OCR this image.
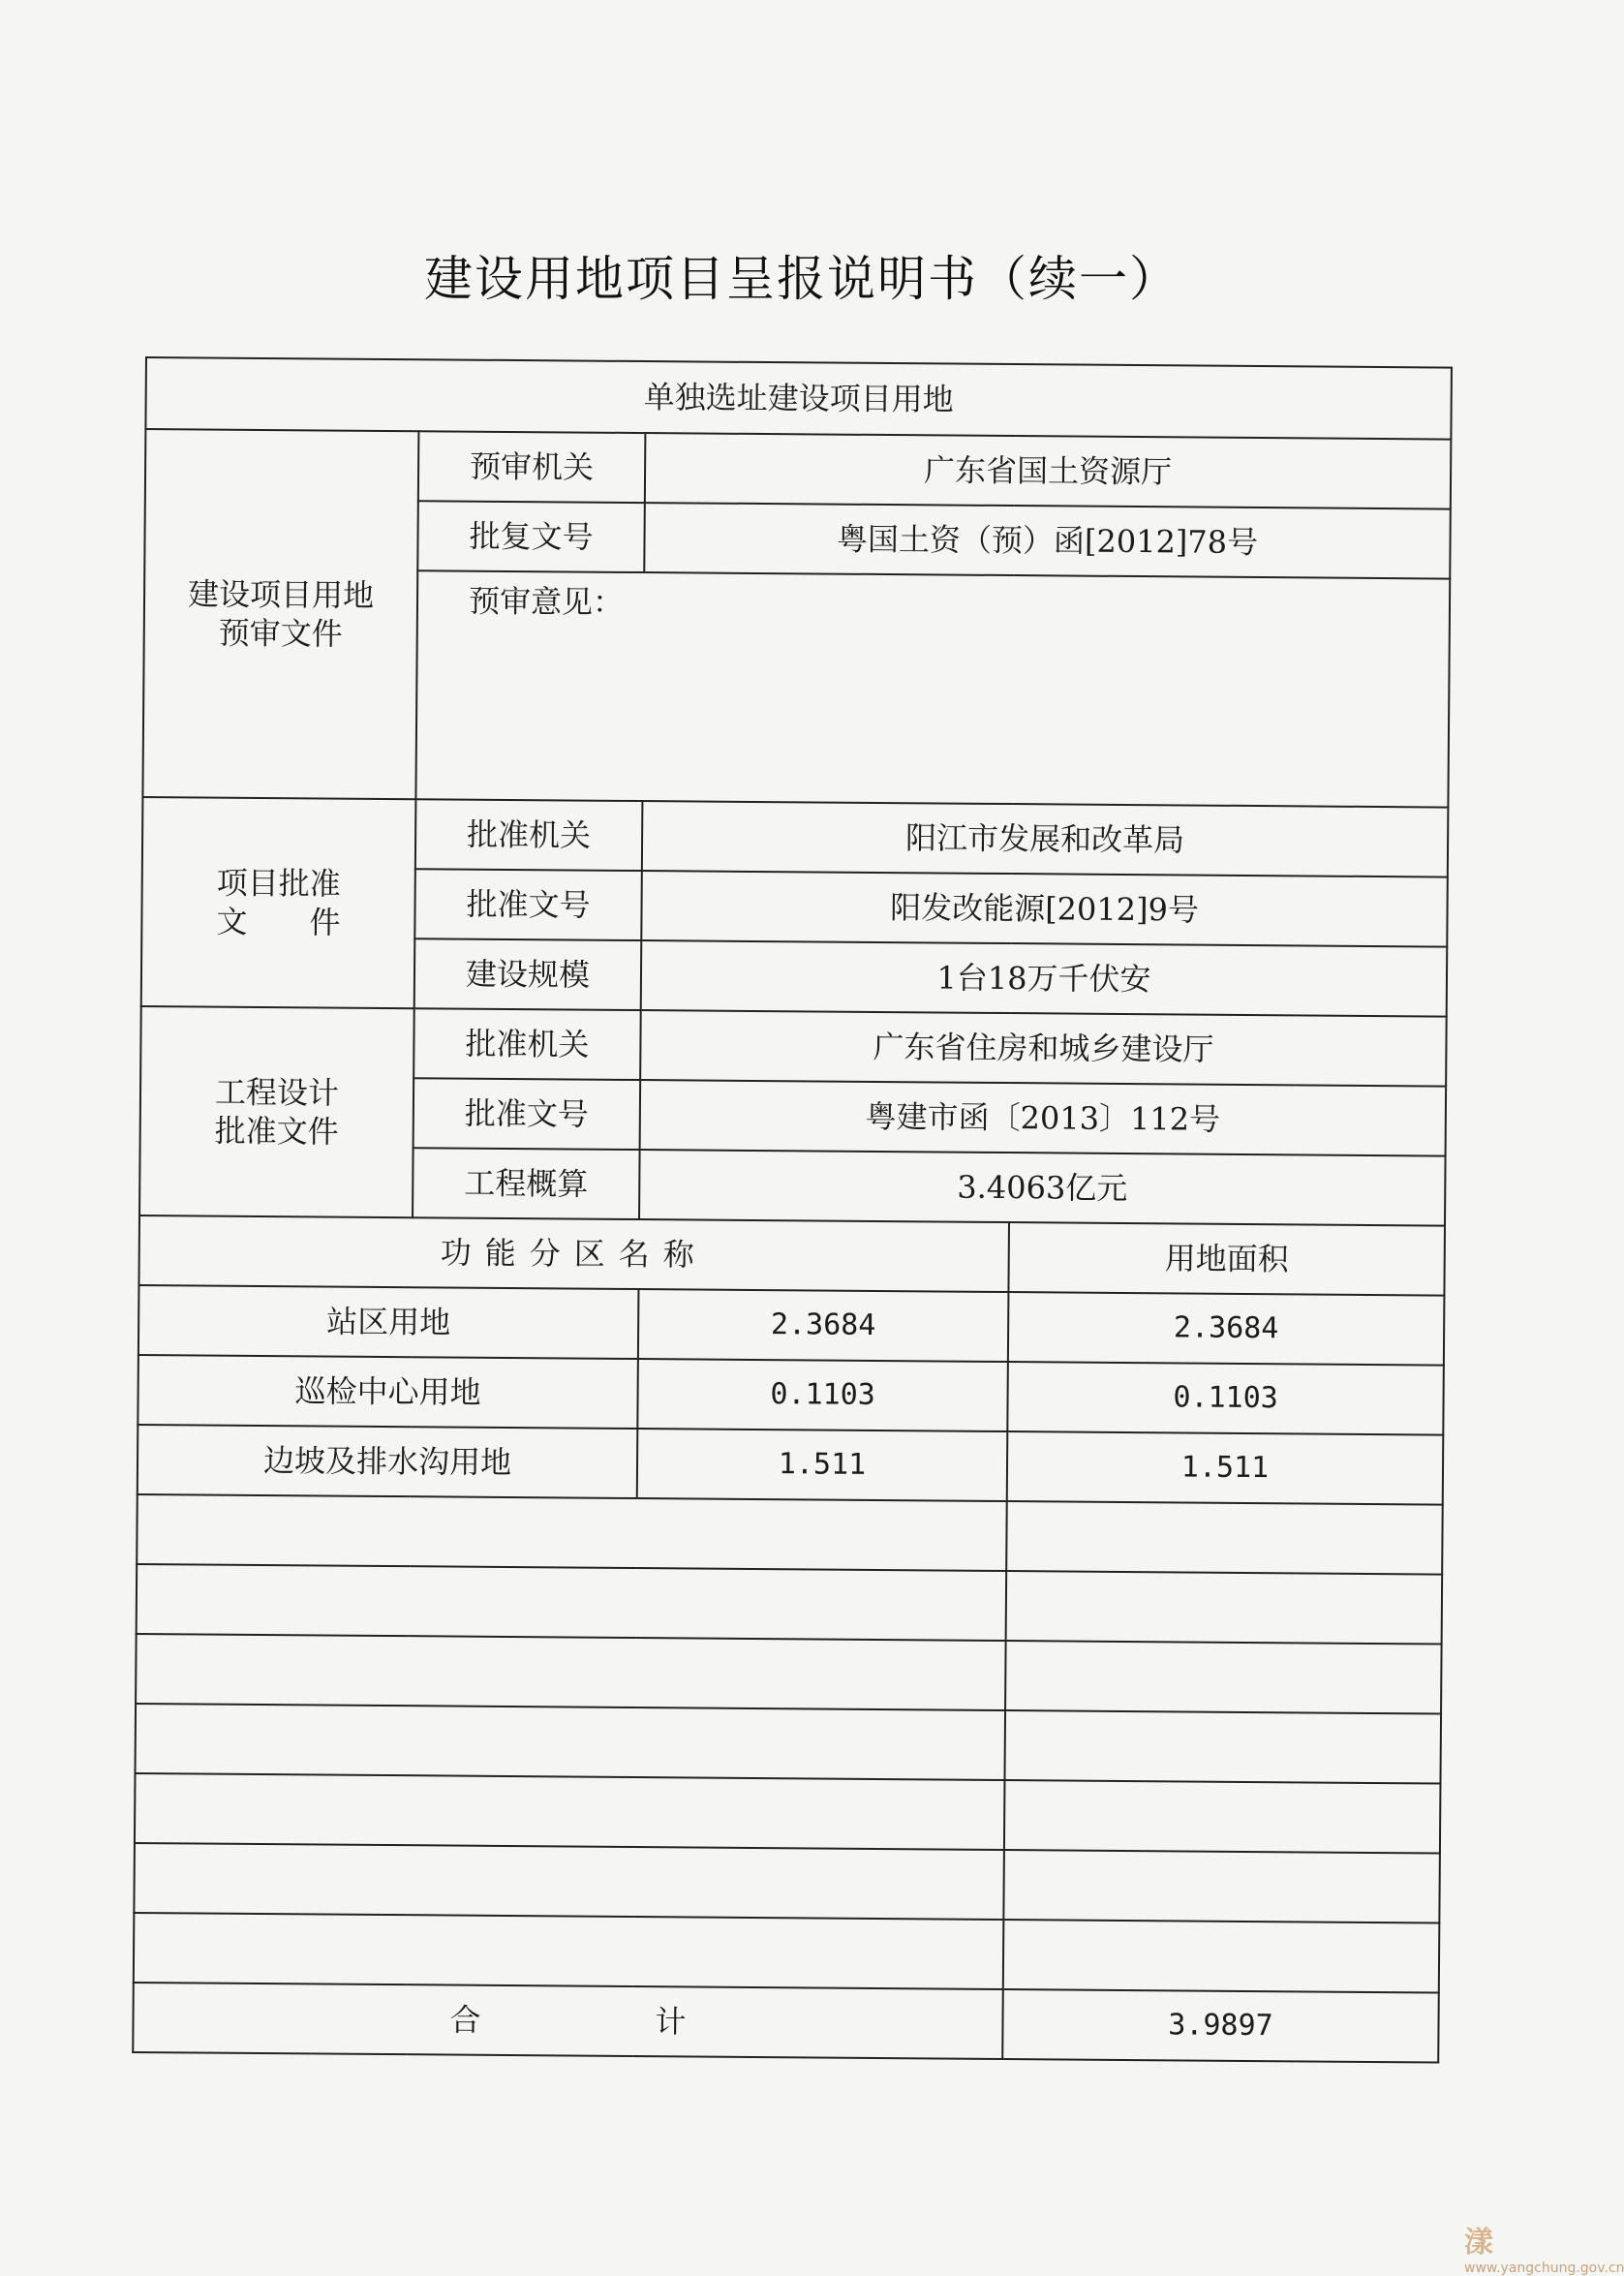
建设用地项目呈报说明书（续一）
单独选址建设项目用地			

建设项目用地预审文件	预审机关	广东省国土资源厅	
	批复文号	粤国土资（预）函[2012]78号	
	预审意见：		

项目批准文　　件	批准机关	阳江市发展和改革局	
	批准文号	阳发改能源[2012]9号	
	建设规模	1台18万千伏安	

工程设计批准文件	批准机关	广东省住房和城乡建设厅	
	批准文号	粤建市函〔2013〕112号	
	工程概算	3.4063亿元	
功能分区名称			用地面积
站区用地		2.3684	2.3684
巡检中心用地		0.1103	0.1103
边坡及排水沟用地		1.511	1.511

合 计			3.9897
漾 www.yangchung.gov.cn
